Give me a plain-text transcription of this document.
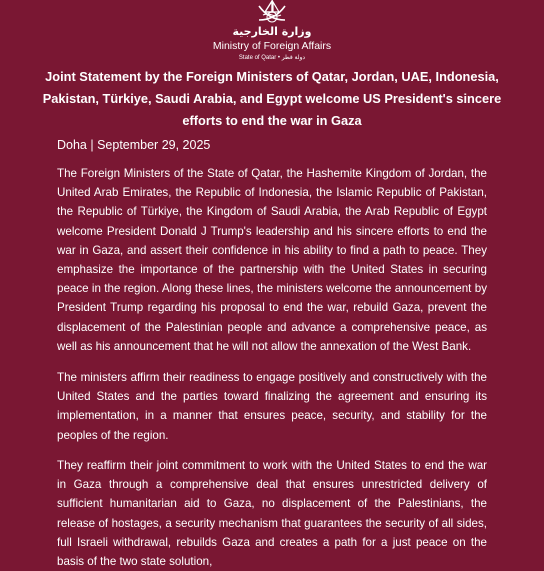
وزارة الخارجية
Ministry of Foreign Affairs
State of Qatar • دولة قطر
Joint Statement by the Foreign Ministers of Qatar, Jordan, UAE, Indonesia, Pakistan, Türkiye, Saudi Arabia, and Egypt welcome US President's sincere efforts to end the war in Gaza
Doha | September 29, 2025

The Foreign Ministers of the State of Qatar, the Hashemite Kingdom of Jordan, the United Arab Emirates, the Republic of Indonesia, the Islamic Republic of Pakistan, the Republic of Türkiye, the Kingdom of Saudi Arabia, the Arab Republic of Egypt welcome President Donald J Trump's leadership and his sincere efforts to end the war in Gaza, and assert their confidence in his ability to find a path to peace. They emphasize the importance of the partnership with the United States in securing peace in the region. Along these lines, the ministers welcome the announcement by President Trump regarding his proposal to end the war, rebuild Gaza, prevent the displacement of the Palestinian people and advance a comprehensive peace, as well as his announcement that he will not allow the annexation of the West Bank.

The ministers affirm their readiness to engage positively and constructively with the United States and the parties toward finalizing the agreement and ensuring its implementation, in a manner that ensures peace, security, and stability for the peoples of the region.

They reaffirm their joint commitment to work with the United States to end the war in Gaza through a comprehensive deal that ensures unrestricted delivery of sufficient humanitarian aid to Gaza, no displacement of the Palestinians, the release of hostages, a security mechanism that guarantees the security of all sides, full Israeli withdrawal, rebuilds Gaza and creates a path for a just peace on the basis of the two state solution,
